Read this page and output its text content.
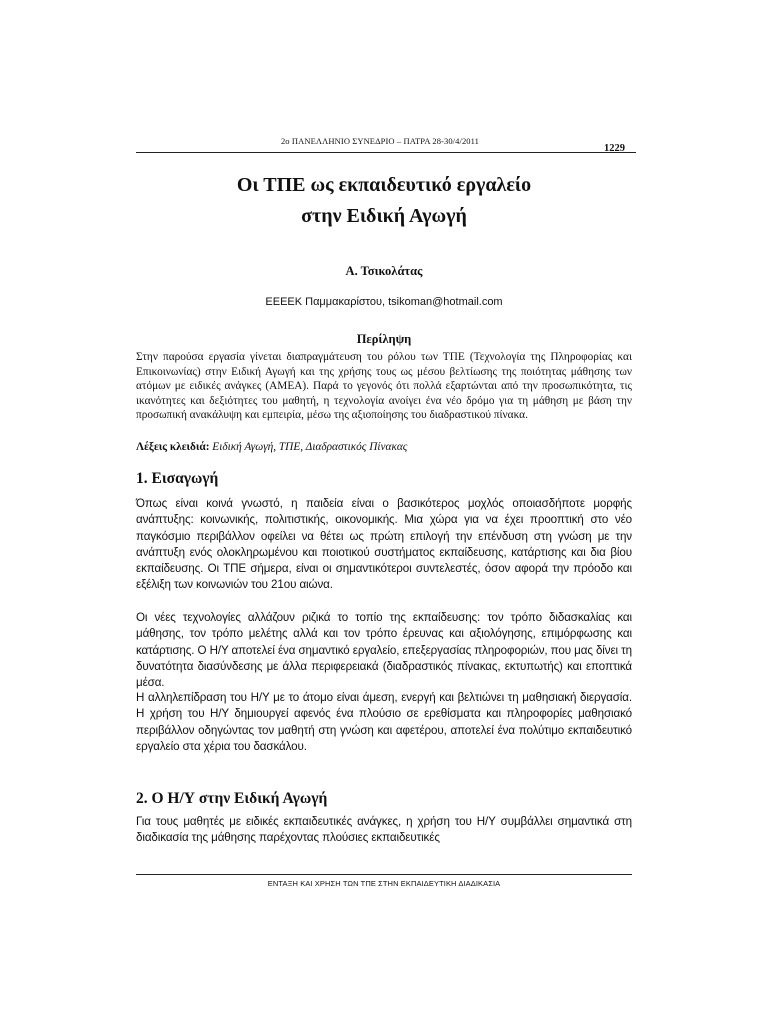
2ο ΠΑΝΕΛΛΗΝΙΟ ΣΥΝΕΔΡΙΟ – ΠΑΤΡΑ 28-30/4/2011
1229
Οι ΤΠΕ ως εκπαιδευτικό εργαλείο
στην Ειδική Αγωγή
Α. Τσικολάτας
ΕΕΕΕΚ Παμμακαρίστου, tsikoman@hotmail.com
Περίληψη
Στην παρούσα εργασία γίνεται διαπραγμάτευση του ρόλου των ΤΠΕ (Τεχνολογία της Πληροφορίας και Επικοινωνίας) στην Ειδική Αγωγή και της χρήσης τους ως μέσου βελτίωσης της ποιότητας μάθησης των ατόμων με ειδικές ανάγκες (ΑΜΕΑ). Παρά το γεγονός ότι πολλά εξαρτώνται από την προσωπικότητα, τις ικανότητες και δεξιότητες του μαθητή, η τεχνολογία ανοίγει ένα νέο δρόμο για τη μάθηση με βάση την προσωπική ανακάλυψη και εμπειρία, μέσω της αξιοποίησης του διαδραστικού πίνακα.
Λέξεις κλειδιά: Ειδική Αγωγή, ΤΠΕ, Διαδραστικός Πίνακας
1. Εισαγωγή
Όπως είναι κοινά γνωστό, η παιδεία είναι ο βασικότερος μοχλός οποιασδήποτε μορφής ανάπτυξης: κοινωνικής, πολιτιστικής, οικονομικής. Μια χώρα για να έχει προοπτική στο νέο παγκόσμιο περιβάλλον οφείλει να θέτει ως πρώτη επιλογή την επένδυση στη γνώση με την ανάπτυξη ενός ολοκληρωμένου και ποιοτικού συστήματος εκπαίδευσης, κατάρτισης και δια βίου εκπαίδευσης. Οι ΤΠΕ σήμερα, είναι οι σημαντικότεροι συντελεστές, όσον αφορά την πρόοδο και εξέλιξη των κοινωνιών του 21ου αιώνα.
Οι νέες τεχνολογίες αλλάζουν ριζικά το τοπίο της εκπαίδευσης: τον τρόπο διδασκαλίας και μάθησης, τον τρόπο μελέτης αλλά και τον τρόπο έρευνας και αξιολόγησης, επιμόρφωσης και κατάρτισης. Ο Η/Υ αποτελεί ένα σημαντικό εργαλείο, επεξεργασίας πληροφοριών, που μας δίνει τη δυνατότητα διασύνδεσης με άλλα περιφερειακά (διαδραστικός πίνακας, εκτυπωτής) και εποπτικά μέσα.
Η αλληλεπίδραση του Η/Υ με το άτομο είναι άμεση, ενεργή και βελτιώνει τη μαθησιακή διεργασία. Η χρήση του Η/Υ δημιουργεί αφενός ένα πλούσιο σε ερεθίσματα και πληροφορίες μαθησιακό περιβάλλον οδηγώντας τον μαθητή στη γνώση και αφετέρου, αποτελεί ένα πολύτιμο εκπαιδευτικό εργαλείο στα χέρια του δασκάλου.
2. Ο Η/Υ στην Ειδική Αγωγή
Για τους μαθητές με ειδικές εκπαιδευτικές ανάγκες, η χρήση του Η/Υ συμβάλλει σημαντικά στη διαδικασία της μάθησης παρέχοντας πλούσιες εκπαιδευτικές
ΕΝΤΑΞΗ ΚΑΙ ΧΡΗΣΗ ΤΩΝ ΤΠΕ ΣΤΗΝ ΕΚΠΑΙΔΕΥΤΙΚΗ ΔΙΑΔΙΚΑΣΙΑ
